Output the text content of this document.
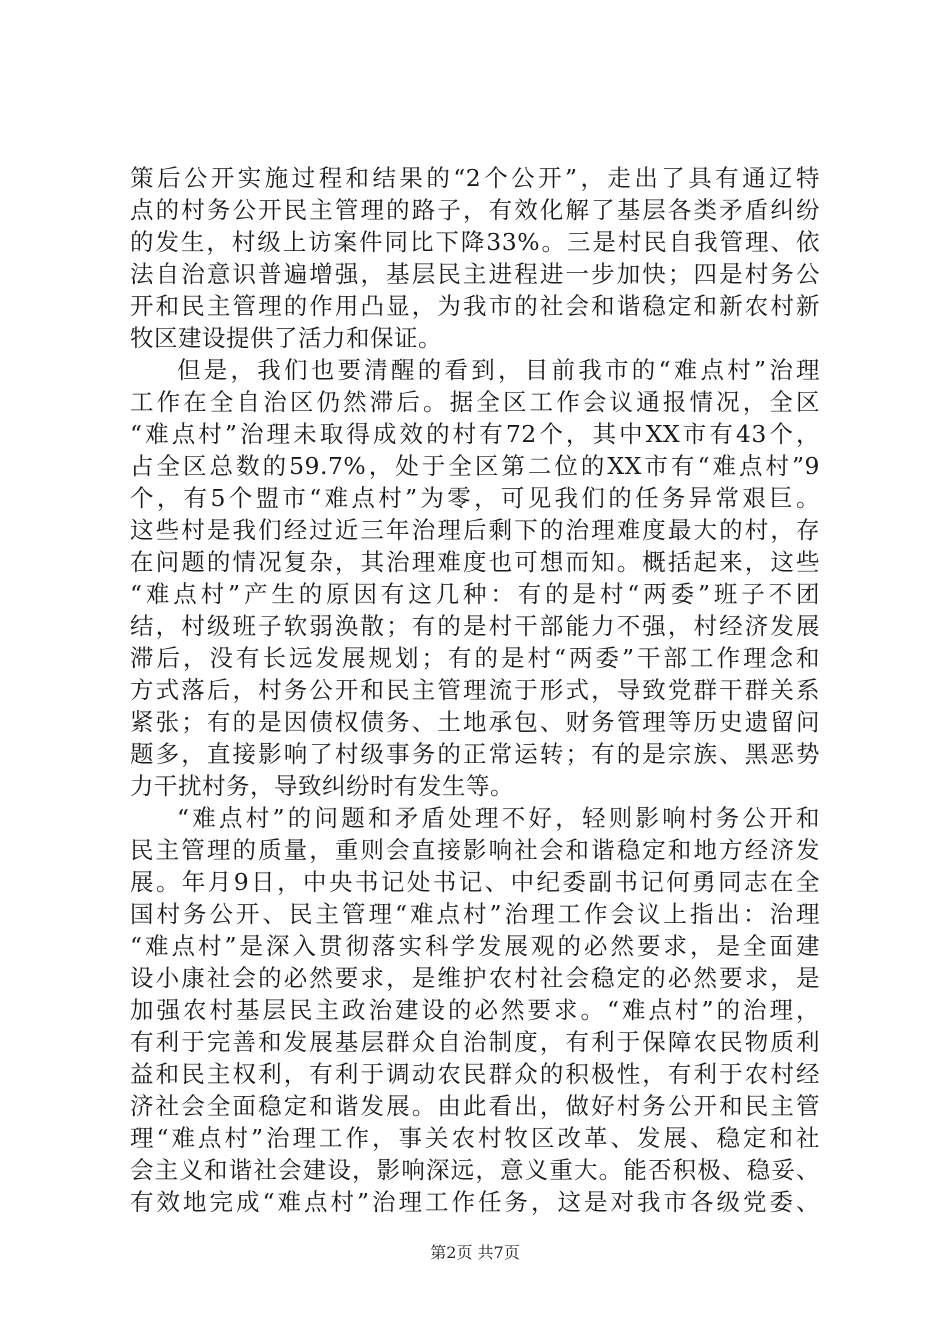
策后公开实施过程和结果的“2个公开”，走出了具有通辽特
点的村务公开民主管理的路子，有效化解了基层各类矛盾纠纷
的发生，村级上访案件同比下降33%。三是村民自我管理、依
法自治意识普遍增强，基层民主进程进一步加快；四是村务公
开和民主管理的作用凸显，为我市的社会和谐稳定和新农村新
牧区建设提供了活力和保证。
但是，我们也要清醒的看到，目前我市的“难点村”治理
工作在全自治区仍然滞后。据全区工作会议通报情况，全区
“难点村”治理未取得成效的村有72个，其中XX市有43个，
占全区总数的59.7%，处于全区第二位的XX市有“难点村”9
个，有5个盟市“难点村”为零，可见我们的任务异常艰巨。
这些村是我们经过近三年治理后剩下的治理难度最大的村，存
在问题的情况复杂，其治理难度也可想而知。概括起来，这些
“难点村”产生的原因有这几种：有的是村“两委”班子不团
结，村级班子软弱涣散；有的是村干部能力不强，村经济发展
滞后，没有长远发展规划；有的是村“两委”干部工作理念和
方式落后，村务公开和民主管理流于形式，导致党群干群关系
紧张；有的是因债权债务、土地承包、财务管理等历史遗留问
题多，直接影响了村级事务的正常运转；有的是宗族、黑恶势
力干扰村务，导致纠纷时有发生等。
“难点村”的问题和矛盾处理不好，轻则影响村务公开和
民主管理的质量，重则会直接影响社会和谐稳定和地方经济发
展。年月9日，中央书记处书记、中纪委副书记何勇同志在全
国村务公开、民主管理“难点村”治理工作会议上指出：治理
“难点村”是深入贯彻落实科学发展观的必然要求，是全面建
设小康社会的必然要求，是维护农村社会稳定的必然要求，是
加强农村基层民主政治建设的必然要求。“难点村”的治理，
有利于完善和发展基层群众自治制度，有利于保障农民物质利
益和民主权利，有利于调动农民群众的积极性，有利于农村经
济社会全面稳定和谐发展。由此看出，做好村务公开和民主管
理“难点村”治理工作，事关农村牧区改革、发展、稳定和社
会主义和谐社会建设，影响深远，意义重大。能否积极、稳妥、
有效地完成“难点村”治理工作任务，这是对我市各级党委、
第2页 共7页
